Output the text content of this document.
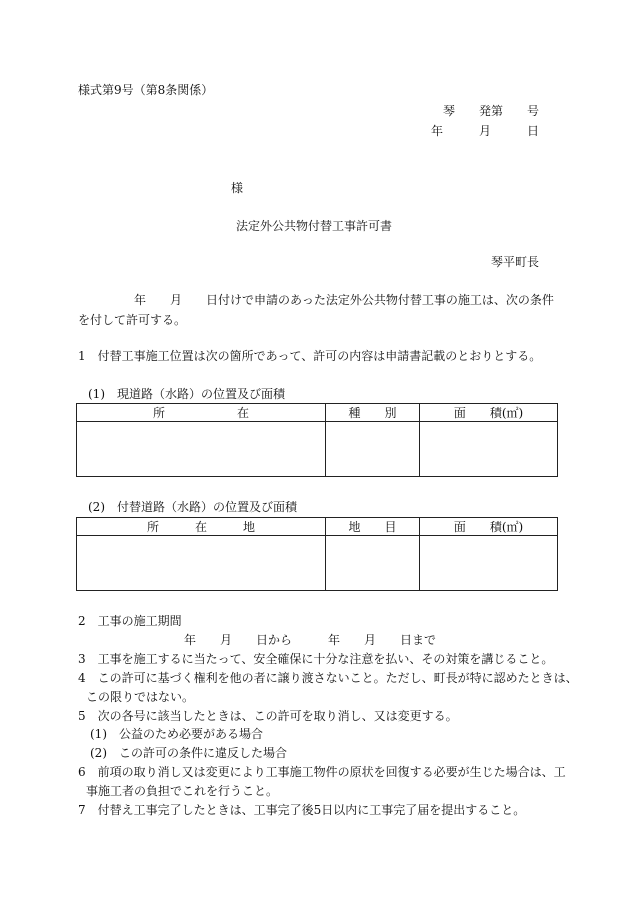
様式第9号（第8条関係）
琴　　発第　　号
年　　　月　　　日
様
法定外公共物付替工事許可書
琴平町長
年　　月　　日付けで申請のあった法定外公共物付替工事の施工は、次の条件
を付して許可する。
1　付替工事施工位置は次の箇所であって、許可の内容は申請書記載のとおりとする。
(1)　現道路（水路）の位置及び面積
所　　　　　　在	種　　別	面　　積(㎡)

(2)　付替道路（水路）の位置及び面積
所　　　在　　　地	地　　目	面　　積(㎡)

2　工事の施工期間
年　　月　　日から　　　年　　月　　日まで
3　工事を施工するに当たって、安全確保に十分な注意を払い、その対策を講じること。
4　この許可に基づく権利を他の者に譲り渡さないこと。ただし、町長が特に認めたときは、
この限りではない。
5　次の各号に該当したときは、この許可を取り消し、又は変更する。
(1)　公益のため必要がある場合
(2)　この許可の条件に違反した場合
6　前項の取り消し又は変更により工事施工物件の原状を回復する必要が生じた場合は、工
事施工者の負担でこれを行うこと。
7　付替え工事完了したときは、工事完了後5日以内に工事完了届を提出すること。
